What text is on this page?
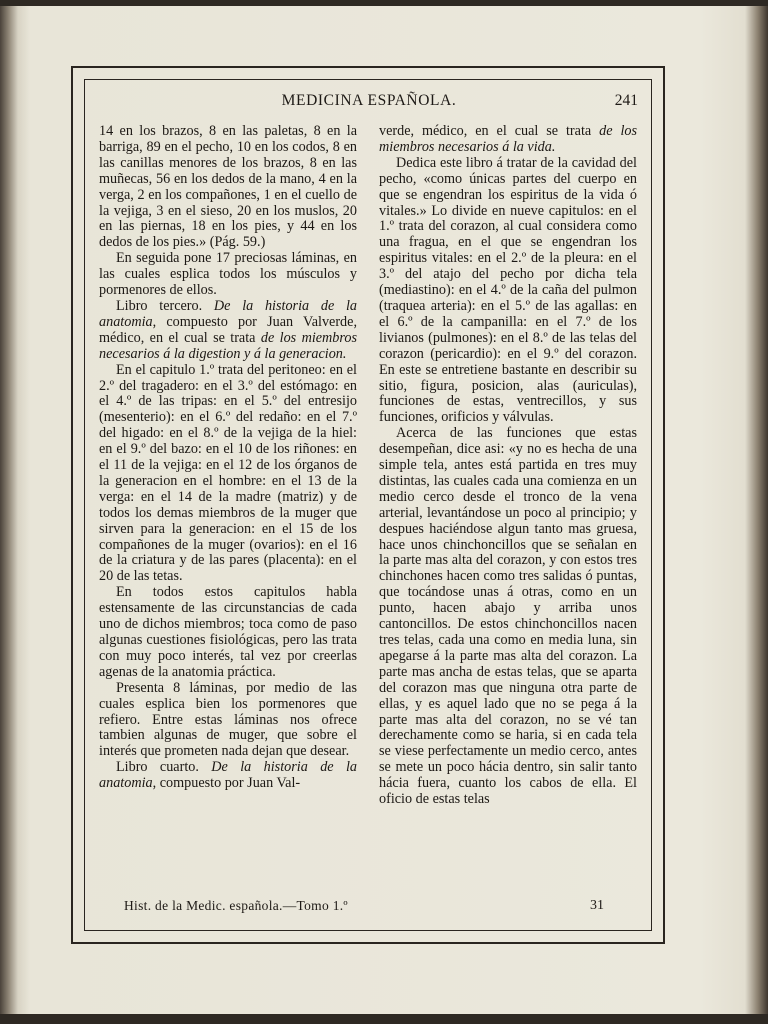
MEDICINA ESPAÑOLA.	241

14 en los brazos, 8 en las paletas, 8 en la barriga, 89 en el pecho, 10 en los codos, 8 en las canillas menores de los brazos, 8 en las muñecas, 56 en los dedos de la mano, 4 en la verga, 2 en los compañones, 1 en el cuello de la vejiga, 3 en el sieso, 20 en los muslos, 20 en las piernas, 18 en los pies, y 44 en los dedos de los pies.» (Pág. 59.)

En seguida pone 17 preciosas láminas, en las cuales esplica todos los músculos y pormenores de ellos.

Libro tercero. De la historia de la anatomia, compuesto por Juan Valverde, médico, en el cual se trata de los miembros necesarios á la digestion y á la generacion.

En el capitulo 1.º trata del peritoneo: en el 2.º del tragadero: en el 3.º del estómago: en el 4.º de las tripas: en el 5.º del entresijo (mesenterio): en el 6.º del redaño: en el 7.º del higado: en el 8.º de la vejiga de la hiel: en el 9.º del bazo: en el 10 de los riñones: en el 11 de la vejiga: en el 12 de los órganos de la generacion en el hombre: en el 13 de la verga: en el 14 de la madre (matriz) y de todos los demas miembros de la muger que sirven para la generacion: en el 15 de los compañones de la muger (ovarios): en el 16 de la criatura y de las pares (placenta): en el 20 de las tetas.

En todos estos capitulos habla estensamente de las circunstancias de cada uno de dichos miembros; toca como de paso algunas cuestiones fisiológicas, pero las trata con muy poco interés, tal vez por creerlas agenas de la anatomia práctica.

Presenta 8 láminas, por medio de las cuales esplica bien los pormenores que refiero. Entre estas láminas nos ofrece tambien algunas de muger, que sobre el interés que prometen nada dejan que desear.

Libro cuarto. De la historia de la anatomia, compuesto por Juan Val-

verde, médico, en el cual se trata de los miembros necesarios á la vida.

Dedica este libro á tratar de la cavidad del pecho, «como únicas partes del cuerpo en que se engendran los espiritus de la vida ó vitales.» Lo divide en nueve capitulos: en el 1.º trata del corazon, al cual considera como una fragua, en el que se engendran los espiritus vitales: en el 2.º de la pleura: en el 3.º del atajo del pecho por dicha tela (mediastino): en el 4.º de la caña del pulmon (traquea arteria): en el 5.º de las agallas: en el 6.º de la campanilla: en el 7.º de los livianos (pulmones): en el 8.º de las telas del corazon (pericardio): en el 9.º del corazon. En este se entretiene bastante en describir su sitio, figura, posicion, alas (auriculas), funciones de estas, ventrecillos, y sus funciones, orificios y válvulas.

Acerca de las funciones que estas desempeñan, dice asi: «y no es hecha de una simple tela, antes está partida en tres muy distintas, las cuales cada una comienza en un medio cerco desde el tronco de la vena arterial, levantándose un poco al principio; y despues haciéndose algun tanto mas gruesa, hace unos chinchoncillos que se señalan en la parte mas alta del corazon, y con estos tres chinchones hacen como tres salidas ó puntas, que tocándose unas á otras, como en un punto, hacen abajo y arriba unos cantoncillos. De estos chinchoncillos nacen tres telas, cada una como en media luna, sin apegarse á la parte mas alta del corazon. La parte mas ancha de estas telas, que se aparta del corazon mas que ninguna otra parte de ellas, y es aquel lado que no se pega á la parte mas alta del corazon, no se vé tan derechamente como se haria, si en cada tela se viese perfectamente un medio cerco, antes se mete un poco hácia dentro, sin salir tanto hácia fuera, cuanto los cabos de ella. El oficio de estas telas

Hist. de la Medic. española.—Tomo 1.º	31
